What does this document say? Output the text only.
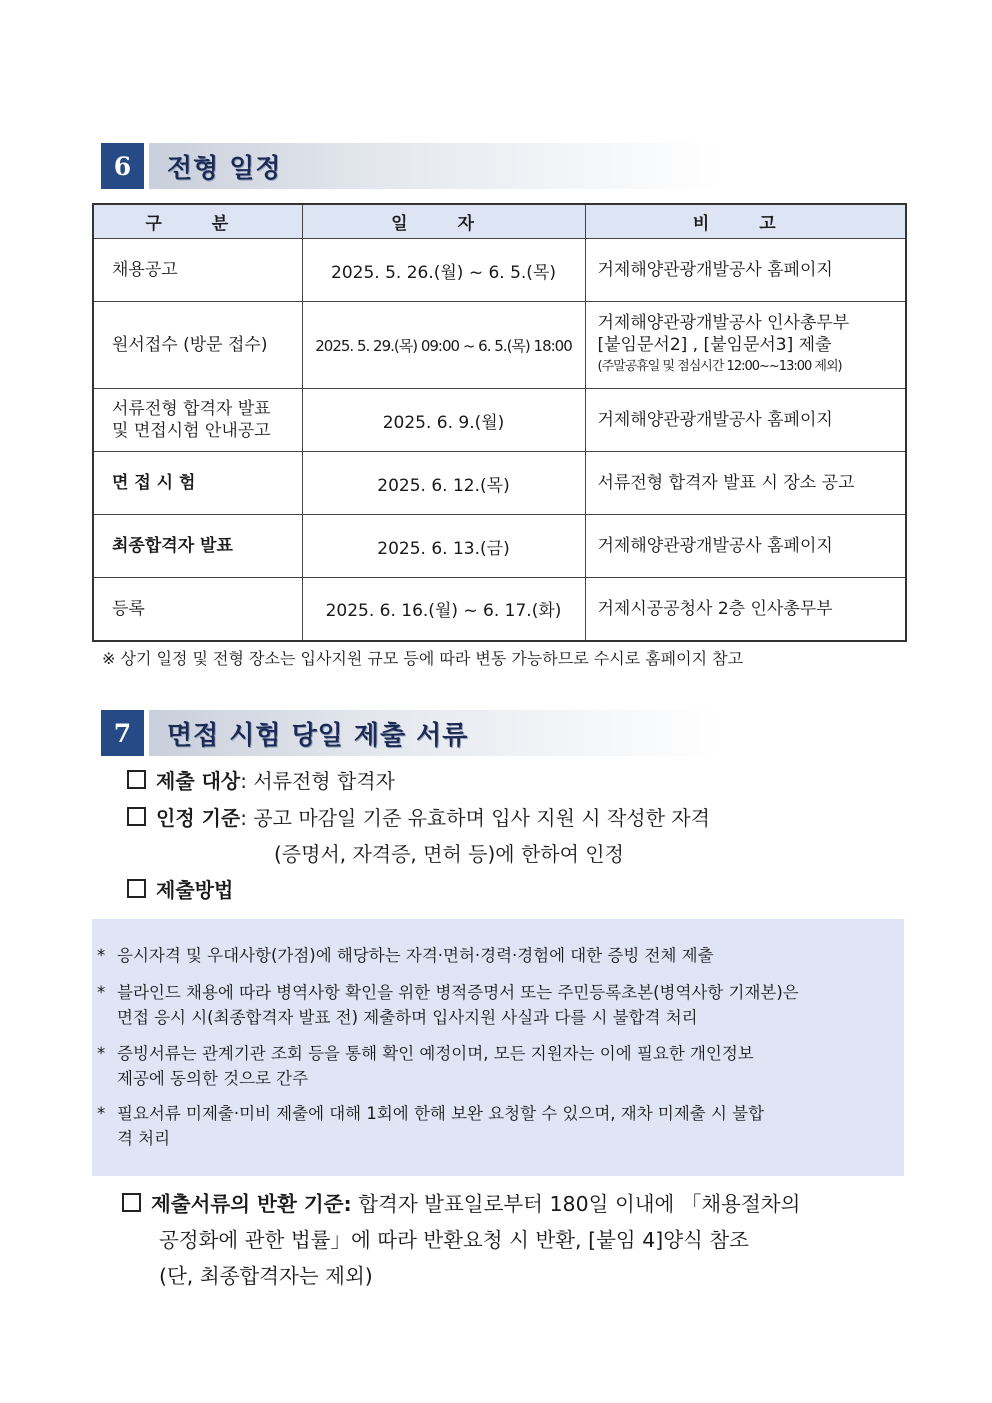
6	전형 일정
구 분	일 자	비 고
채용공고	2025. 5. 26.(월) ~ 6. 5.(목)	거제해양관광개발공사 홈페이지
원서접수 (방문 접수)	2025. 5. 29.(목) 09:00 ~ 6. 5.(목) 18:00	거제해양관광개발공사 인사총무부
[붙임문서2] , [붙임문서3] 제출
(주말공휴일 및 점심시간 12:00~~13:00 제외)

서류전형 합격자 발표
및 면접시험 안내공고	2025. 6. 9.(월)	거제해양관광개발공사 홈페이지
면 접 시 험	2025. 6. 12.(목)	서류전형 합격자 발표 시 장소 공고
최종합격자 발표	2025. 6. 13.(금)	거제해양관광개발공사 홈페이지
등록	2025. 6. 16.(월) ~ 6. 17.(화)	거제시공공청사 2층 인사총무부
※ 상기 일정 및 전형 장소는 입사지원 규모 등에 따라 변동 가능하므로 수시로 홈페이지 참고
7	면접 시험 당일 제출 서류
제출 대상: 서류전형 합격자
인정 기준: 공고 마감일 기준 유효하며 입사 지원 시 작성한 자격
(증명서, 자격증, 면허 등)에 한하여 인정
제출방법
* 응시자격 및 우대사항(가점)에 해당하는 자격·면허·경력·경험에 대한 증빙 전체 제출
* 블라인드 채용에 따라 병역사항 확인을 위한 병적증명서 또는 주민등록초본(병역사항 기재본)은
면접 응시 시(최종합격자 발표 전) 제출하며 입사지원 사실과 다를 시 불합격 처리
* 증빙서류는 관계기관 조회 등을 통해 확인 예정이며, 모든 지원자는 이에 필요한 개인정보
제공에 동의한 것으로 간주
* 필요서류 미제출·미비 제출에 대해 1회에 한해 보완 요청할 수 있으며, 재차 미제출 시 불합
격 처리
제출서류의 반환 기준: 합격자 발표일로부터 180일 이내에 「채용절차의
공정화에 관한 법률」에 따라 반환요청 시 반환, [붙임 4]양식 참조
(단, 최종합격자는 제외)
